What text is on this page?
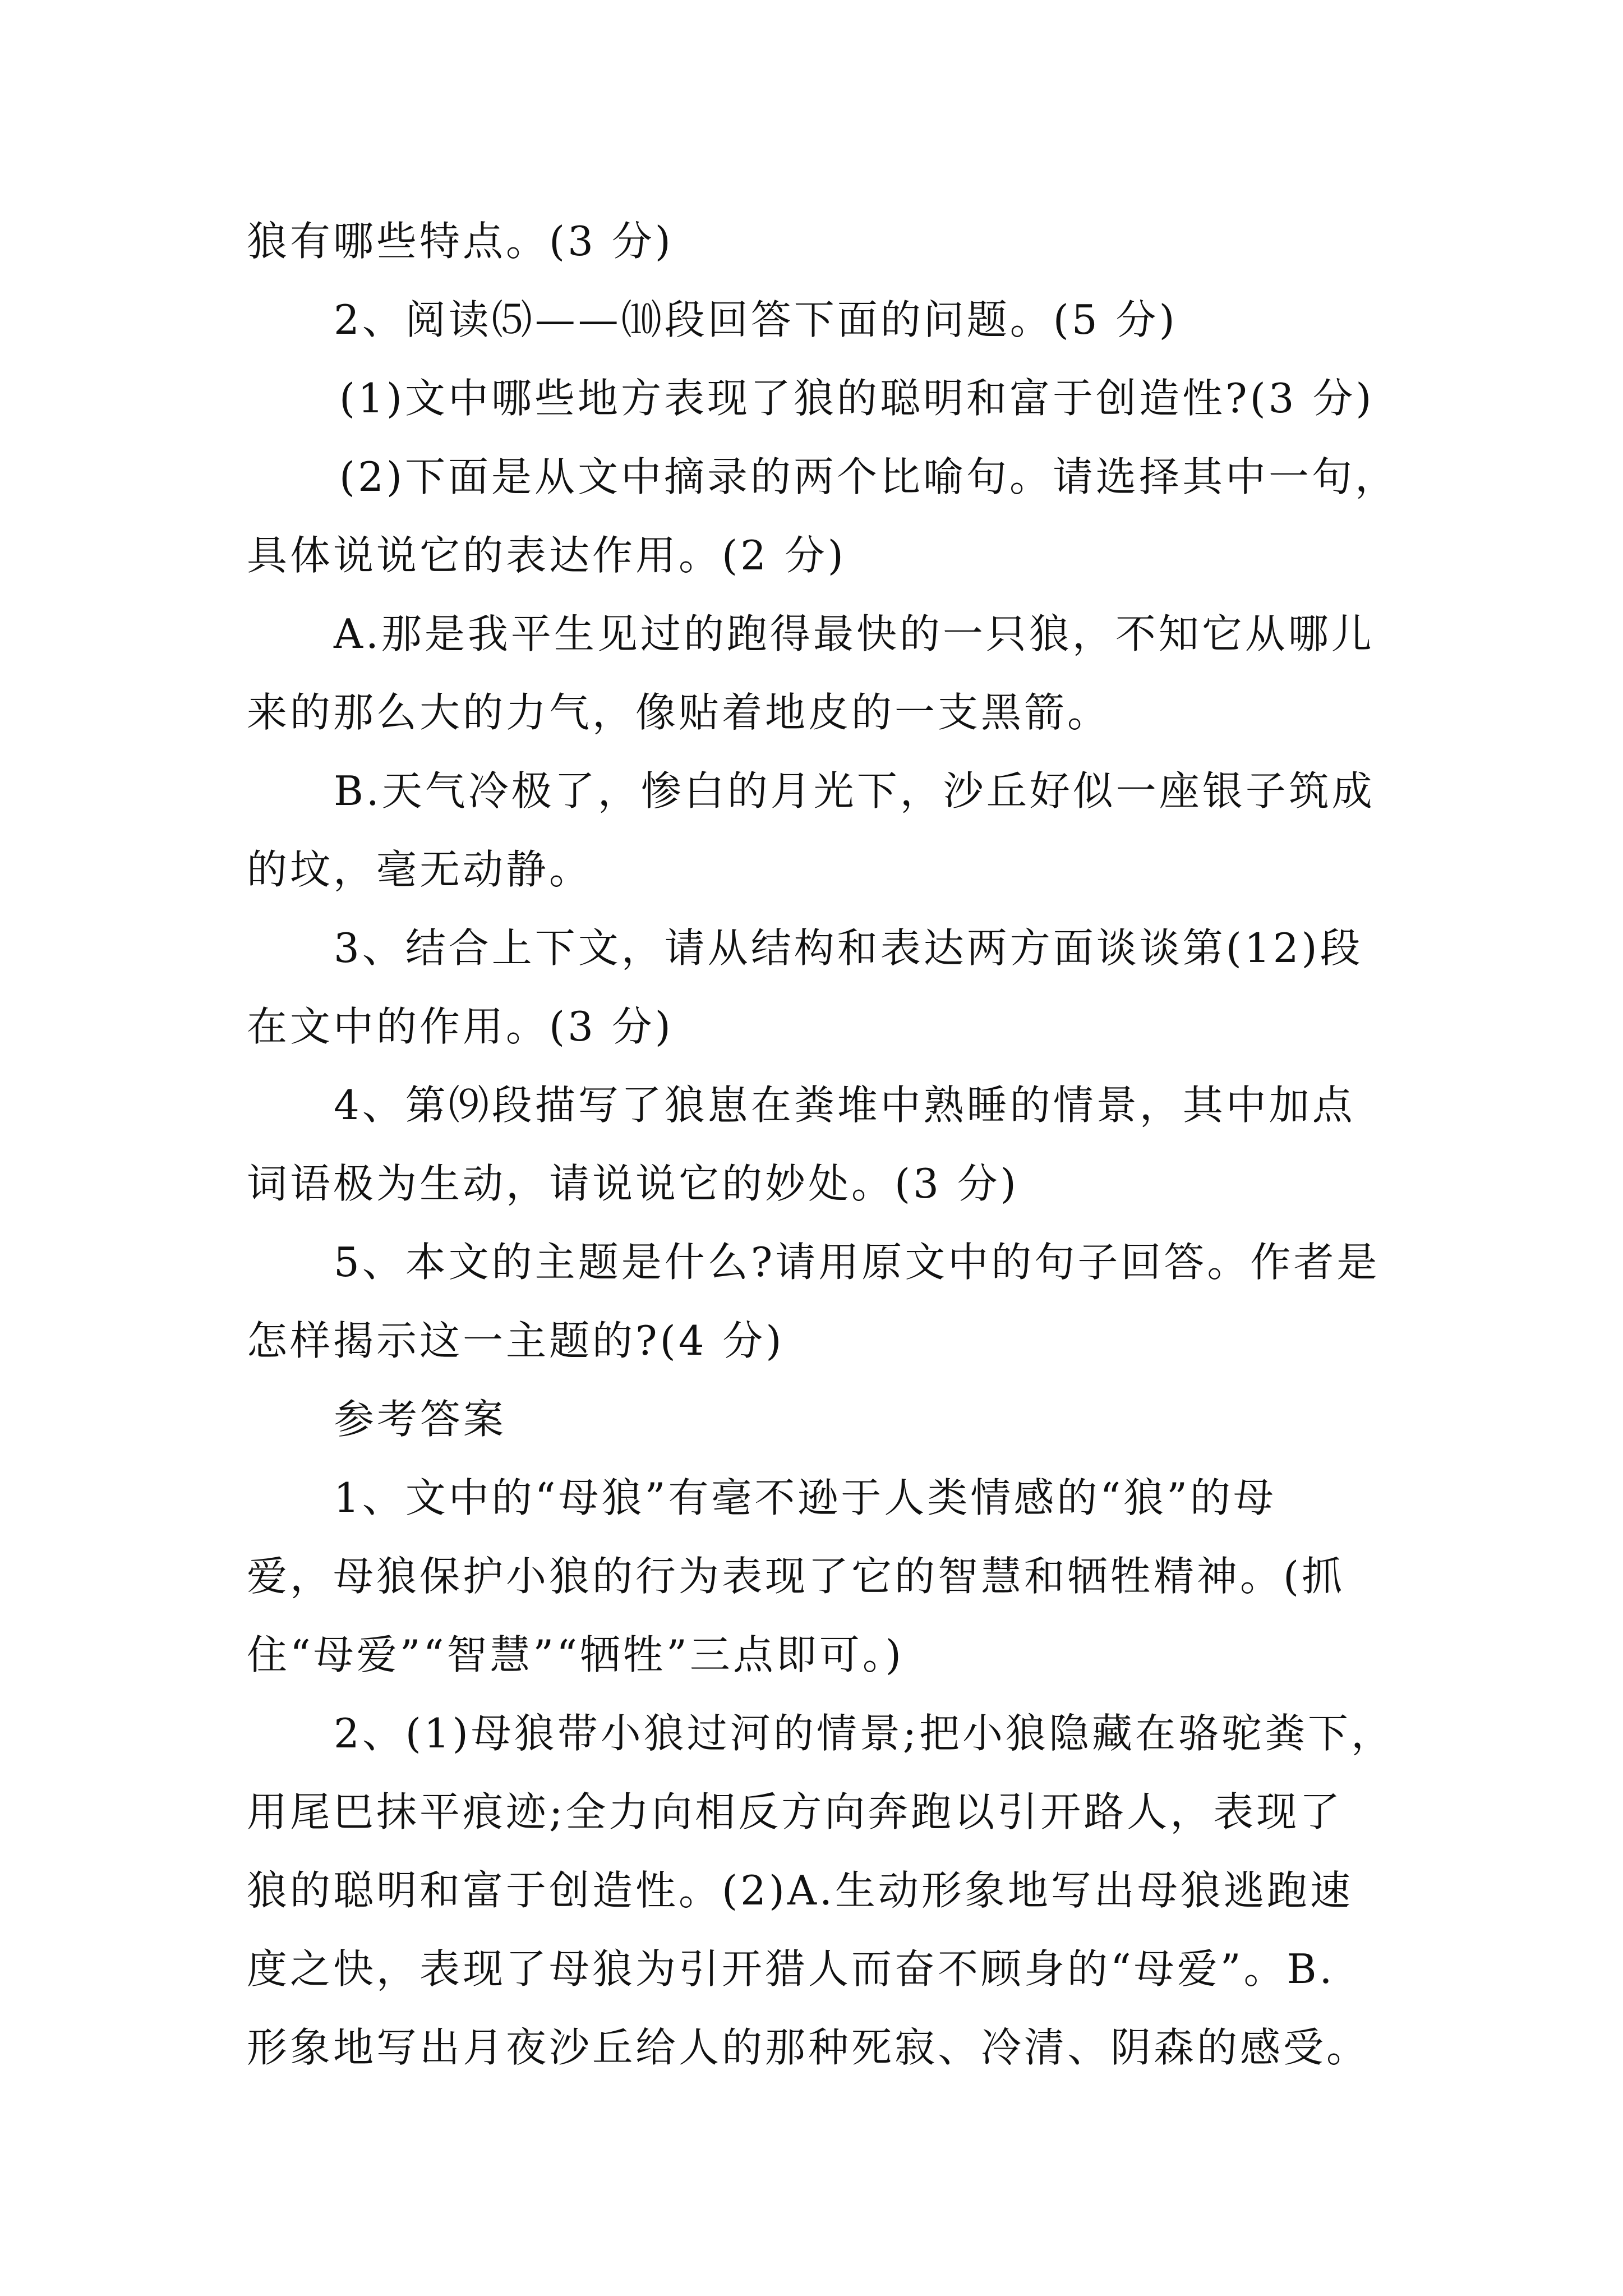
狼有哪些特点。(3 分)
2、阅读⑸——⑽段回答下面的问题。(5 分)
(1)文中哪些地方表现了狼的聪明和富于创造性?(3 分)
(2)下面是从文中摘录的两个比喻句。请选择其中一句，
具体说说它的表达作用。(2 分)
A.那是我平生见过的跑得最快的一只狼，不知它从哪儿
来的那么大的力气，像贴着地皮的一支黑箭。
B.天气冷极了，惨白的月光下，沙丘好似一座银子筑成
的坟，毫无动静。
3、结合上下文，请从结构和表达两方面谈谈第(12)段
在文中的作用。(3 分)
4、第⑼段描写了狼崽在粪堆中熟睡的情景，其中加点
词语极为生动，请说说它的妙处。(3 分)
5、本文的主题是什么?请用原文中的句子回答。作者是
怎样揭示这一主题的?(4 分)
参考答案
1、文中的“母狼”有毫不逊于人类情感的“狼”的母
爱，母狼保护小狼的行为表现了它的智慧和牺牲精神。(抓
住“母爱”“智慧”“牺牲”三点即可。)
2、(1)母狼带小狼过河的情景;把小狼隐藏在骆驼粪下，
用尾巴抹平痕迹;全力向相反方向奔跑以引开路人，表现了
狼的聪明和富于创造性。(2)A.生动形象地写出母狼逃跑速
度之快，表现了母狼为引开猎人而奋不顾身的“母爱”。B.
形象地写出月夜沙丘给人的那种死寂、冷清、阴森的感受。
